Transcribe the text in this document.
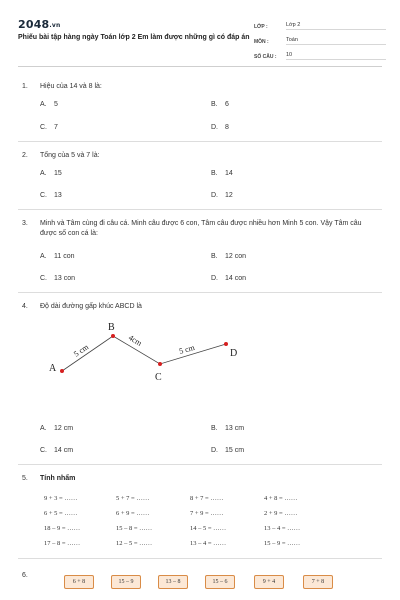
2048.vn
Phiếu bài tập hàng ngày Toán lớp 2 Em làm được những gì có đáp án
LỚP :	Lớp 2
MÔN :	Toán
SỐ CÂU :	10
1. Hiệu của 14 và 8 là:
A. 5	B. 6
C. 7	D. 8
2. Tổng của 5 và 7 là:
A. 15	B. 14
C. 13	D. 12
3. Minh và Tâm cùng đi câu cá. Minh câu được 6 con, Tâm câu được nhiều hơn Minh 5 con. Vậy Tâm câu được số con cá là:
A. 11 con	B. 12 con
C. 13 con	D. 14 con
4. Độ dài đường gấp khúc ABCD là
A
B
C
D
5 cm
4cm
5 cm
A. 12 cm	B. 13 cm
C. 14 cm	D. 15 cm
5. Tính nhẩm
9 + 3 = ……	5 + 7 = ……	8 + 7 = ……	4 + 8 = ……
6 + 5 = ……	6 + 9 = ……	7 + 9 = ……	2 + 9 = ……
18 – 9 = ……	15 – 8 = ……	14 – 5 = ……	13 – 4 = ……
17 – 8 = ……	12 – 5 = ……	13 – 4 = ……	15 – 9 = ……
6.
6 + 8	15 – 9	13 – 8	15 – 6	9 + 4	7 + 8
